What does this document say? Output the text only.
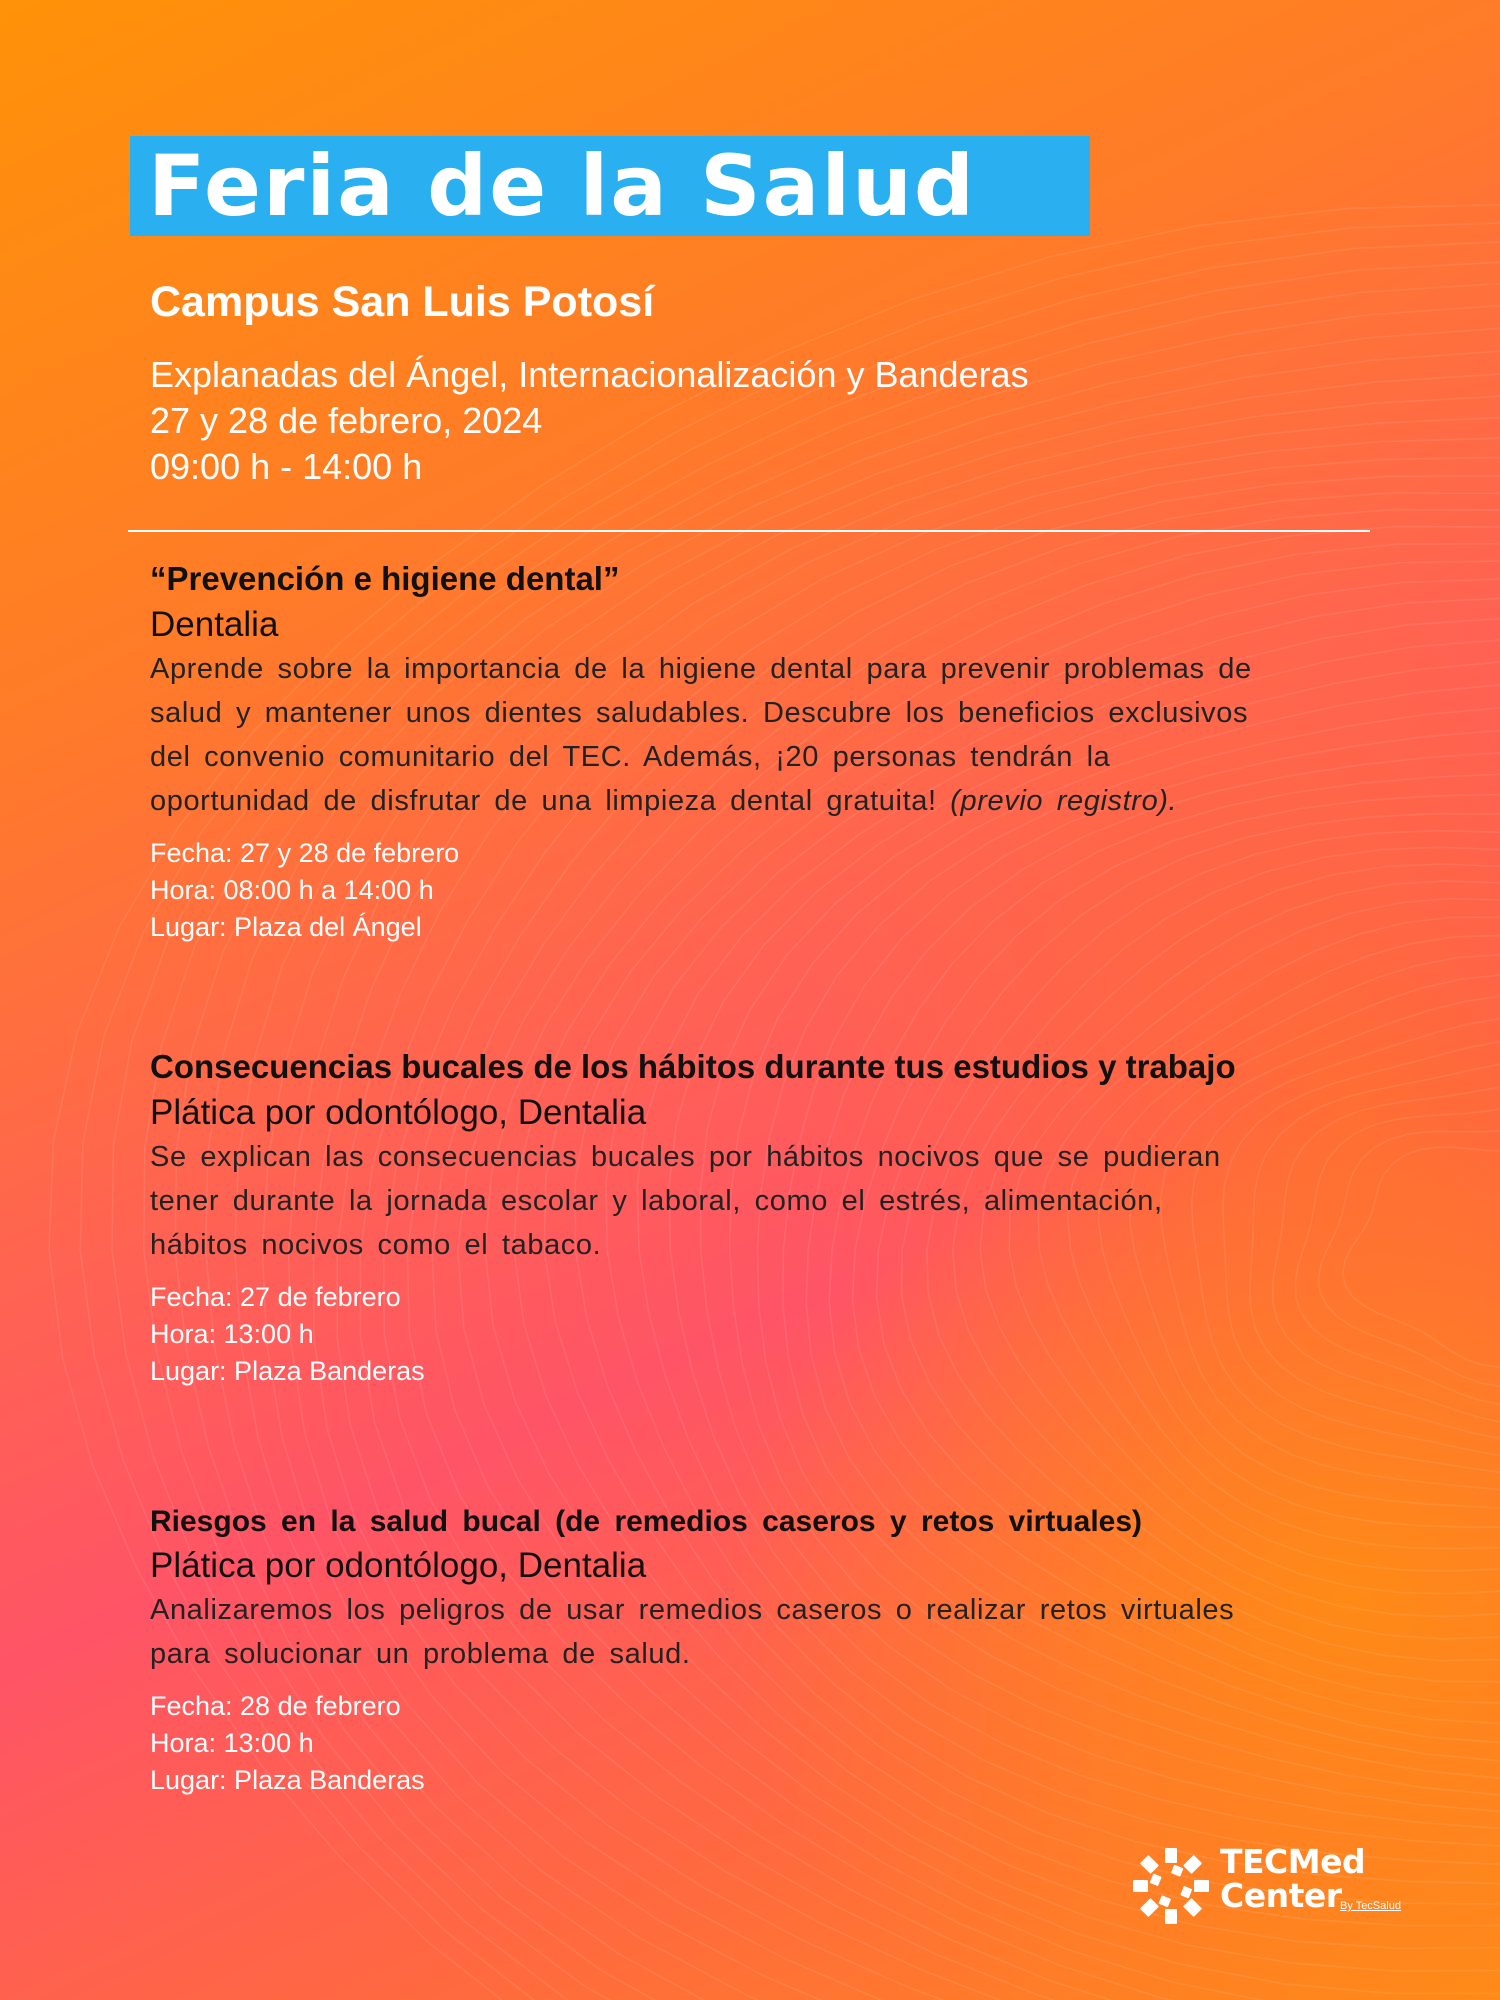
Feria de la Salud
Campus San Luis Potosí
Explanadas del Ángel, Internacionalización y Banderas
27 y 28 de febrero, 2024
09:00 h - 14:00 h
“Prevención e higiene dental”
Dentalia
Aprende sobre la importancia de la higiene dental para prevenir problemas de salud y mantener unos dientes saludables. Descubre los beneficios exclusivos del convenio comunitario del TEC. Además, ¡20 personas tendrán la oportunidad de disfrutar de una limpieza dental gratuita! (previo registro).
Fecha: 27 y 28 de febrero
Hora: 08:00 h a 14:00 h
Lugar: Plaza del Ángel
Consecuencias bucales de los hábitos durante tus estudios y trabajo
Plática por odontólogo, Dentalia
Se explican las consecuencias bucales por hábitos nocivos que se pudieran tener durante la jornada escolar y laboral, como el estrés, alimentación, hábitos nocivos como el tabaco.
Fecha: 27 de febrero
Hora: 13:00 h
Lugar: Plaza Banderas
Riesgos en la salud bucal (de remedios caseros y retos virtuales)
Plática por odontólogo, Dentalia
Analizaremos los peligros de usar remedios caseros o realizar retos virtuales para solucionar un problema de salud.
Fecha: 28 de febrero
Hora: 13:00 h
Lugar: Plaza Banderas
TECMed
Center
By TecSalud
